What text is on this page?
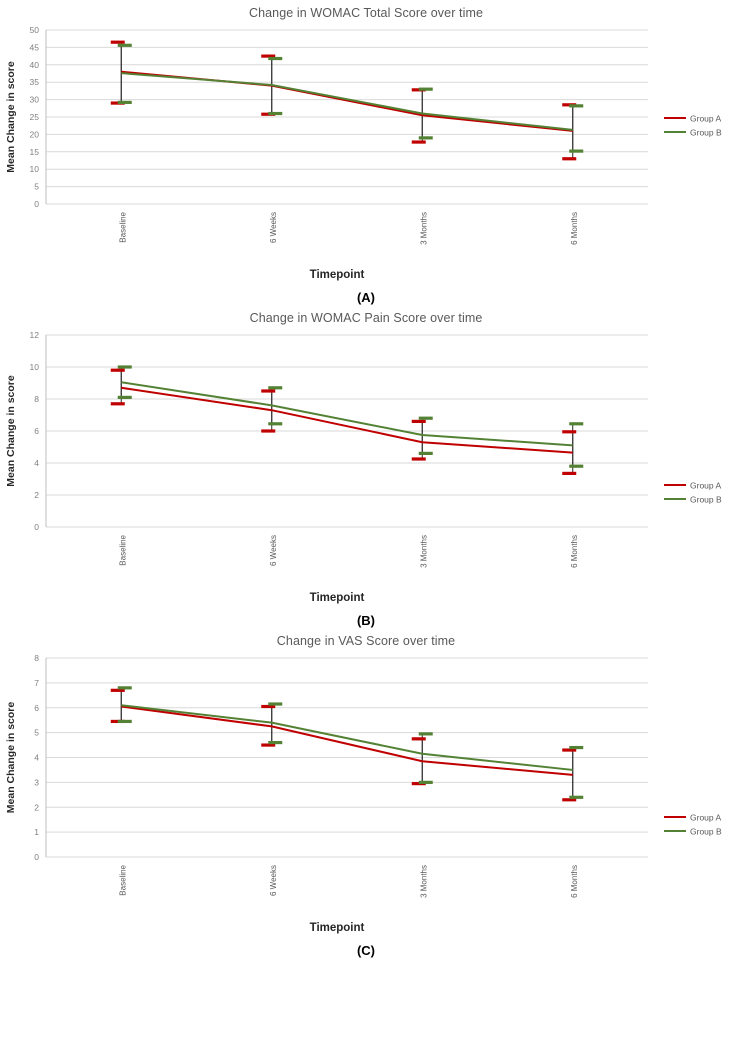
Change in WOMAC Total Score over time
0
5
10
15
20
25
30
35
40
45
50
Mean Change in score
Baseline	6 Weeks	3 Months	6 Months
Timepoint
Group A
Group B
(A)
Change in WOMAC Pain Score over time
0
2
4
6
8
10
12
Mean Change in score
Baseline	6 Weeks	3 Months	6 Months
Timepoint
Group A
Group B
(B)
Change in VAS Score over time
0
1
2
3
4
5
6
7
8
Mean Change in score
Baseline	6 Weeks	3 Months	6 Months
Timepoint
Group A
Group B
(C)
